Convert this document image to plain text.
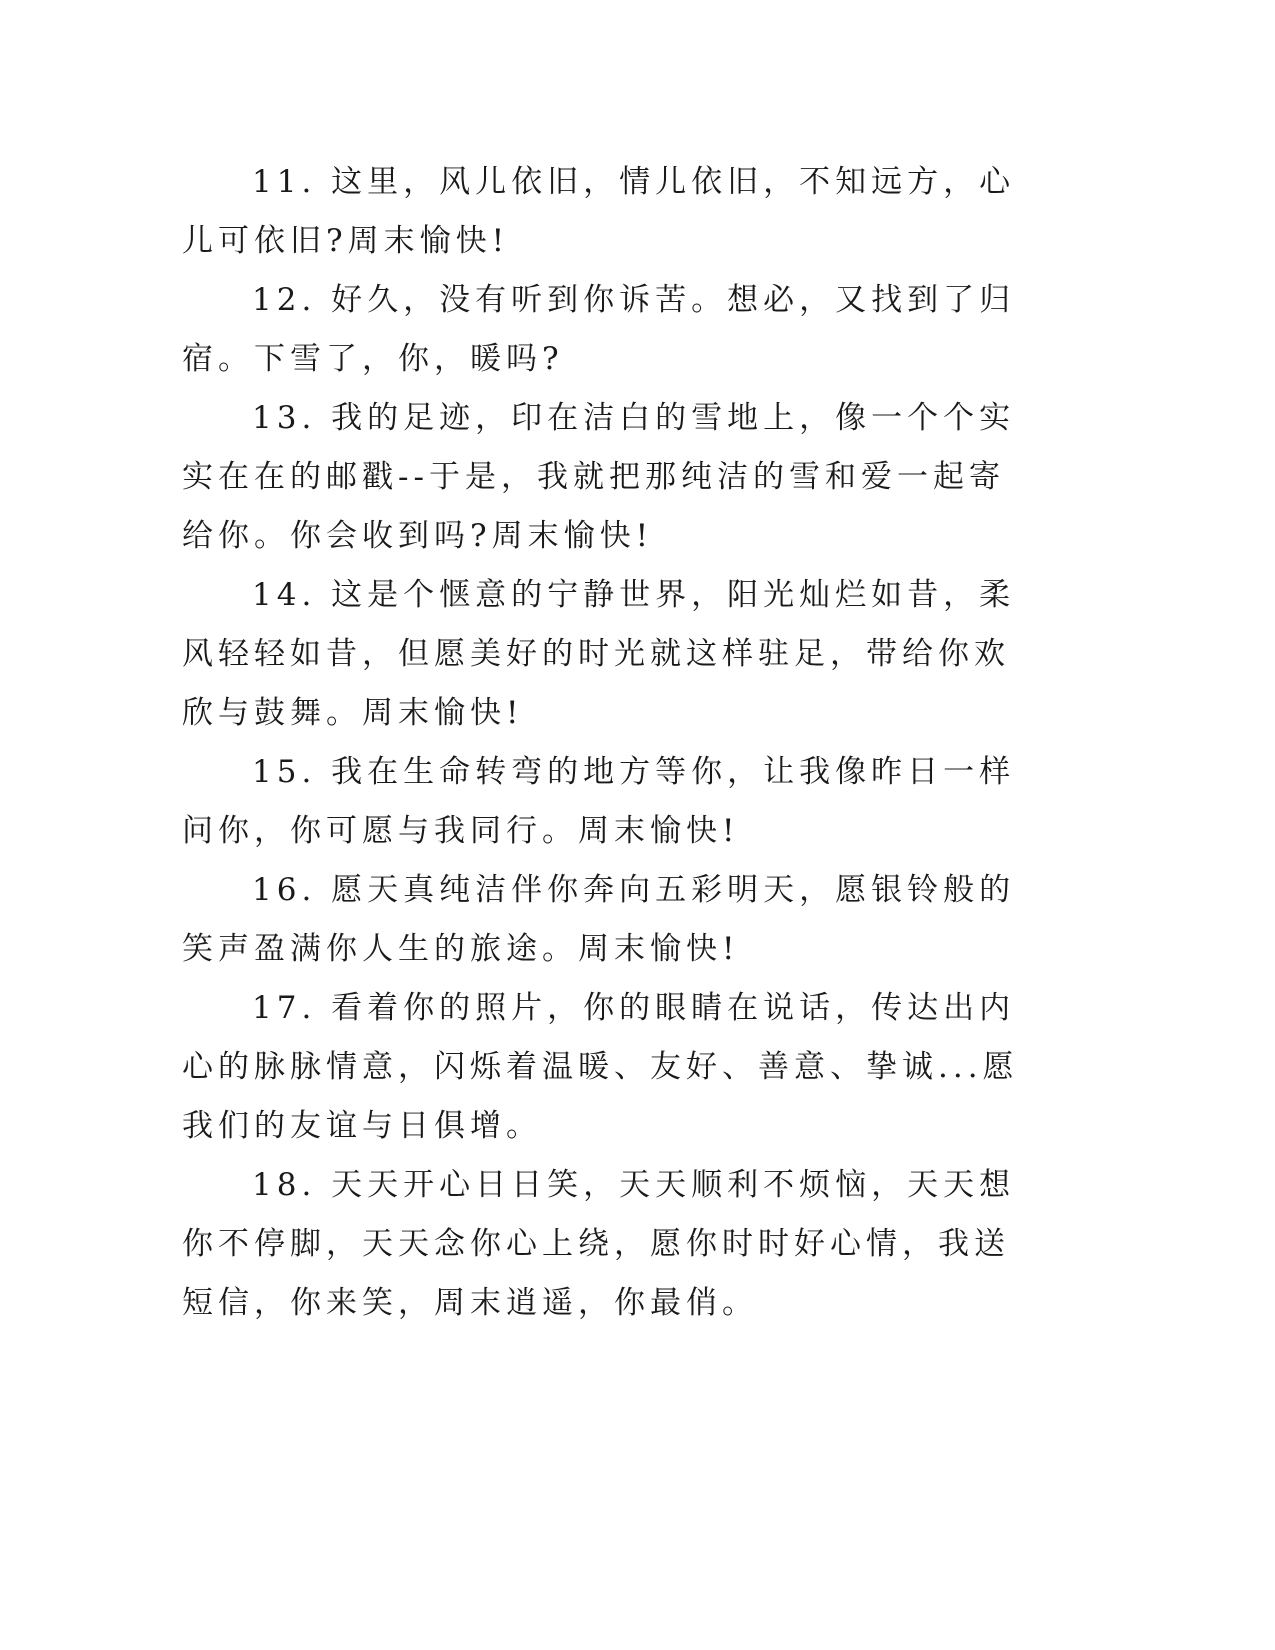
11. 这里，风儿依旧，情儿依旧，不知远方，心儿可依旧?周末愉快!

12. 好久，没有听到你诉苦。想必，又找到了归宿。下雪了，你，暖吗?

13. 我的足迹，印在洁白的雪地上，像一个个实实在在的邮戳--于是，我就把那纯洁的雪和爱一起寄给你。你会收到吗?周末愉快!

14. 这是个惬意的宁静世界，阳光灿烂如昔，柔风轻轻如昔，但愿美好的时光就这样驻足，带给你欢欣与鼓舞。周末愉快!

15. 我在生命转弯的地方等你，让我像昨日一样问你，你可愿与我同行。周末愉快!

16. 愿天真纯洁伴你奔向五彩明天，愿银铃般的笑声盈满你人生的旅途。周末愉快!

17. 看着你的照片，你的眼睛在说话，传达出内心的脉脉情意，闪烁着温暖、友好、善意、挚诚...愿我们的友谊与日俱增。

18. 天天开心日日笑，天天顺利不烦恼，天天想你不停脚，天天念你心上绕，愿你时时好心情，我送短信，你来笑，周末逍遥，你最俏。
